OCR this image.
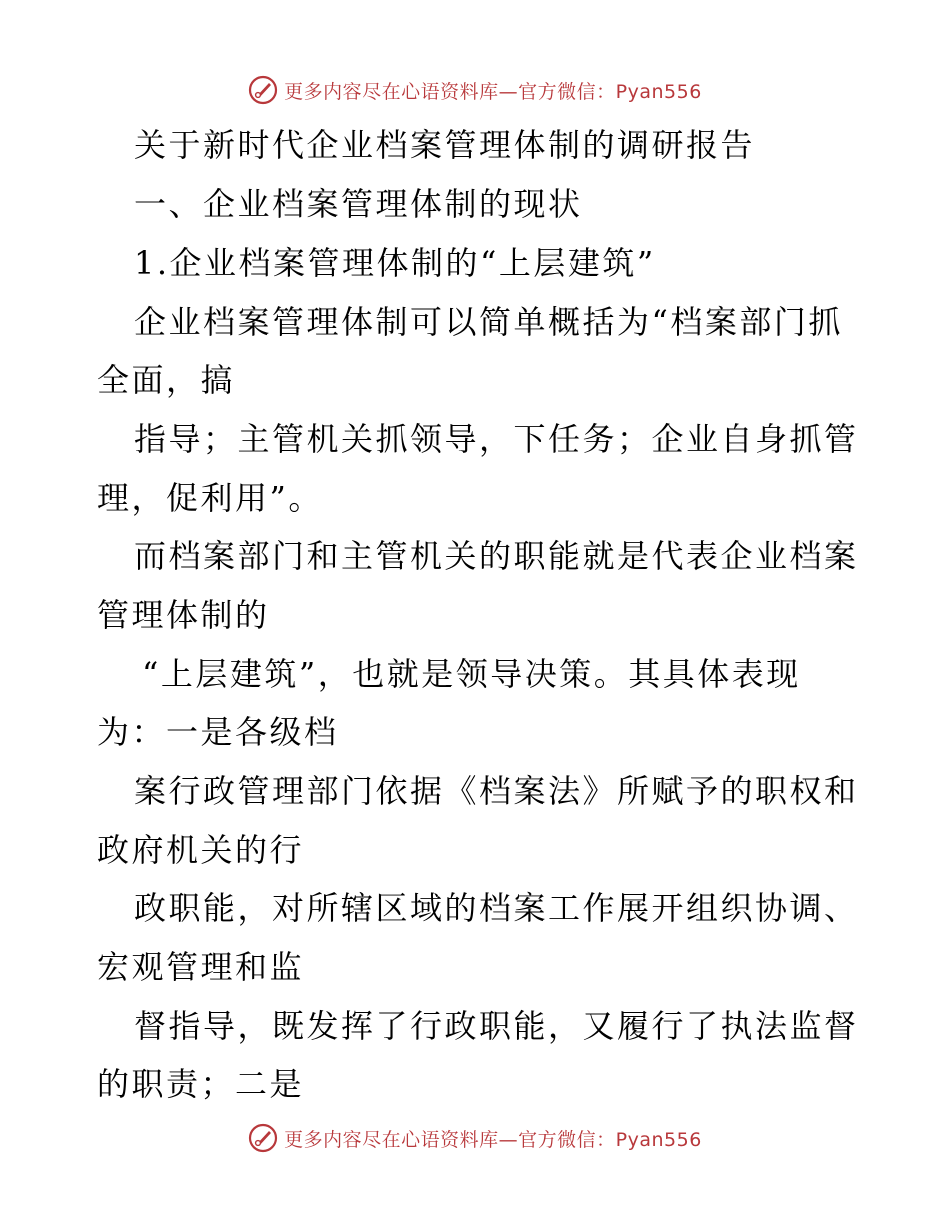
更多内容尽在心语资料库—官方微信：Pyan556
关于新时代企业档案管理体制的调研报告
一、企业档案管理体制的现状
1.企业档案管理体制的“上层建筑”
企业档案管理体制可以简单概括为“档案部门抓
全面，搞
指导；主管机关抓领导，下任务；企业自身抓管
理，促利用”。
而档案部门和主管机关的职能就是代表企业档案
管理体制的
“上层建筑”，也就是领导决策。其具体表现
为：一是各级档
案行政管理部门依据《档案法》所赋予的职权和
政府机关的行
政职能，对所辖区域的档案工作展开组织协调、
宏观管理和监
督指导，既发挥了行政职能，又履行了执法监督
的职责；二是
更多内容尽在心语资料库—官方微信：Pyan556
